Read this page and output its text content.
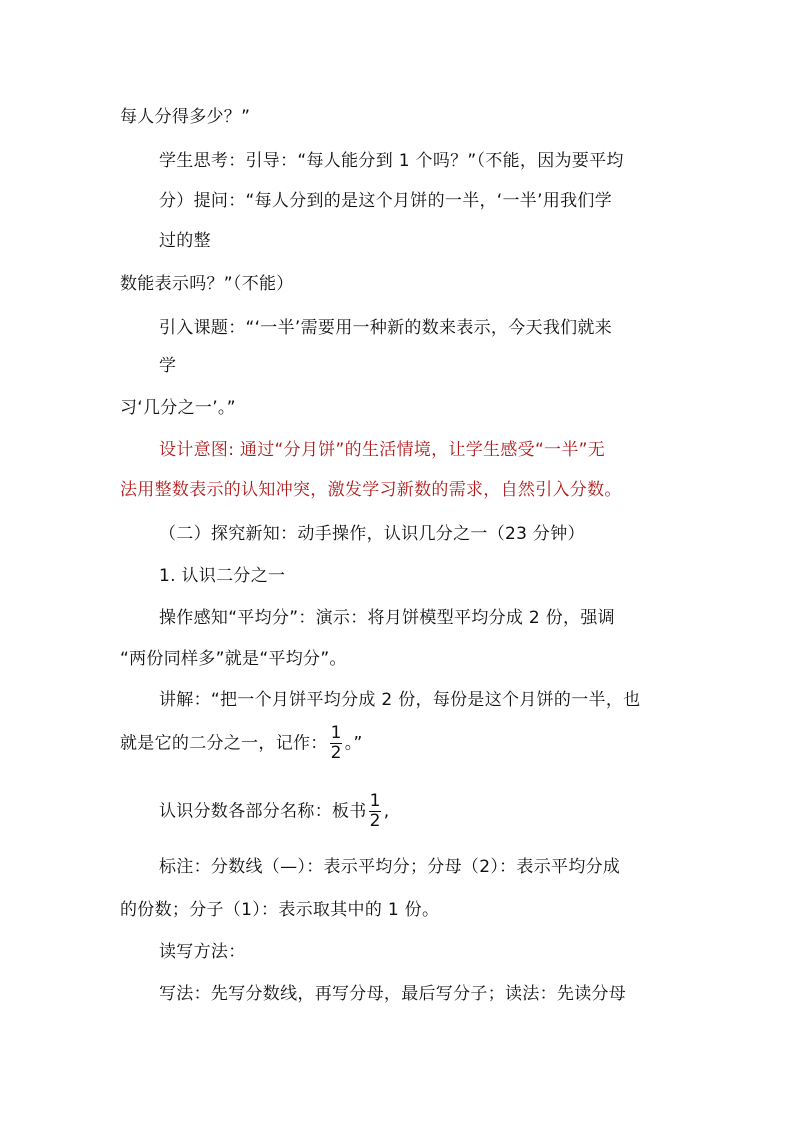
每人分得多少？”
学生思考：引导：“每人能分到 1 个吗？”（不能，因为要平均
分）提问：“每人分到的是这个月饼的一半，‘一半’用我们学
过的整
数能表示吗？”（不能）
引入课题：“‘一半’需要用一种新的数来表示，今天我们就来
学
习‘几分之一’。”
设计意图: 通过“分月饼”的生活情境，让学生感受“一半”无
法用整数表示的认知冲突，激发学习新数的需求，自然引入分数。
（二）探究新知：动手操作，认识几分之一（23 分钟）
1. 认识二分之一
操作感知“平均分”：演示：将月饼模型平均分成 2 份，强调
“两份同样多”就是“平均分”。
讲解：“把一个月饼平均分成 2 份，每份是这个月饼的一半，也
就是它的二分之一，记作： $\frac{1}{2}$ 。”
认识分数各部分名称：板书 $\frac{1}{2}$ ,
标注：分数线（—）：表示平均分；分母（2）：表示平均分成
的份数；分子（1）：表示取其中的 1 份。
读写方法：
写法：先写分数线，再写分母，最后写分子；读法：先读分母
